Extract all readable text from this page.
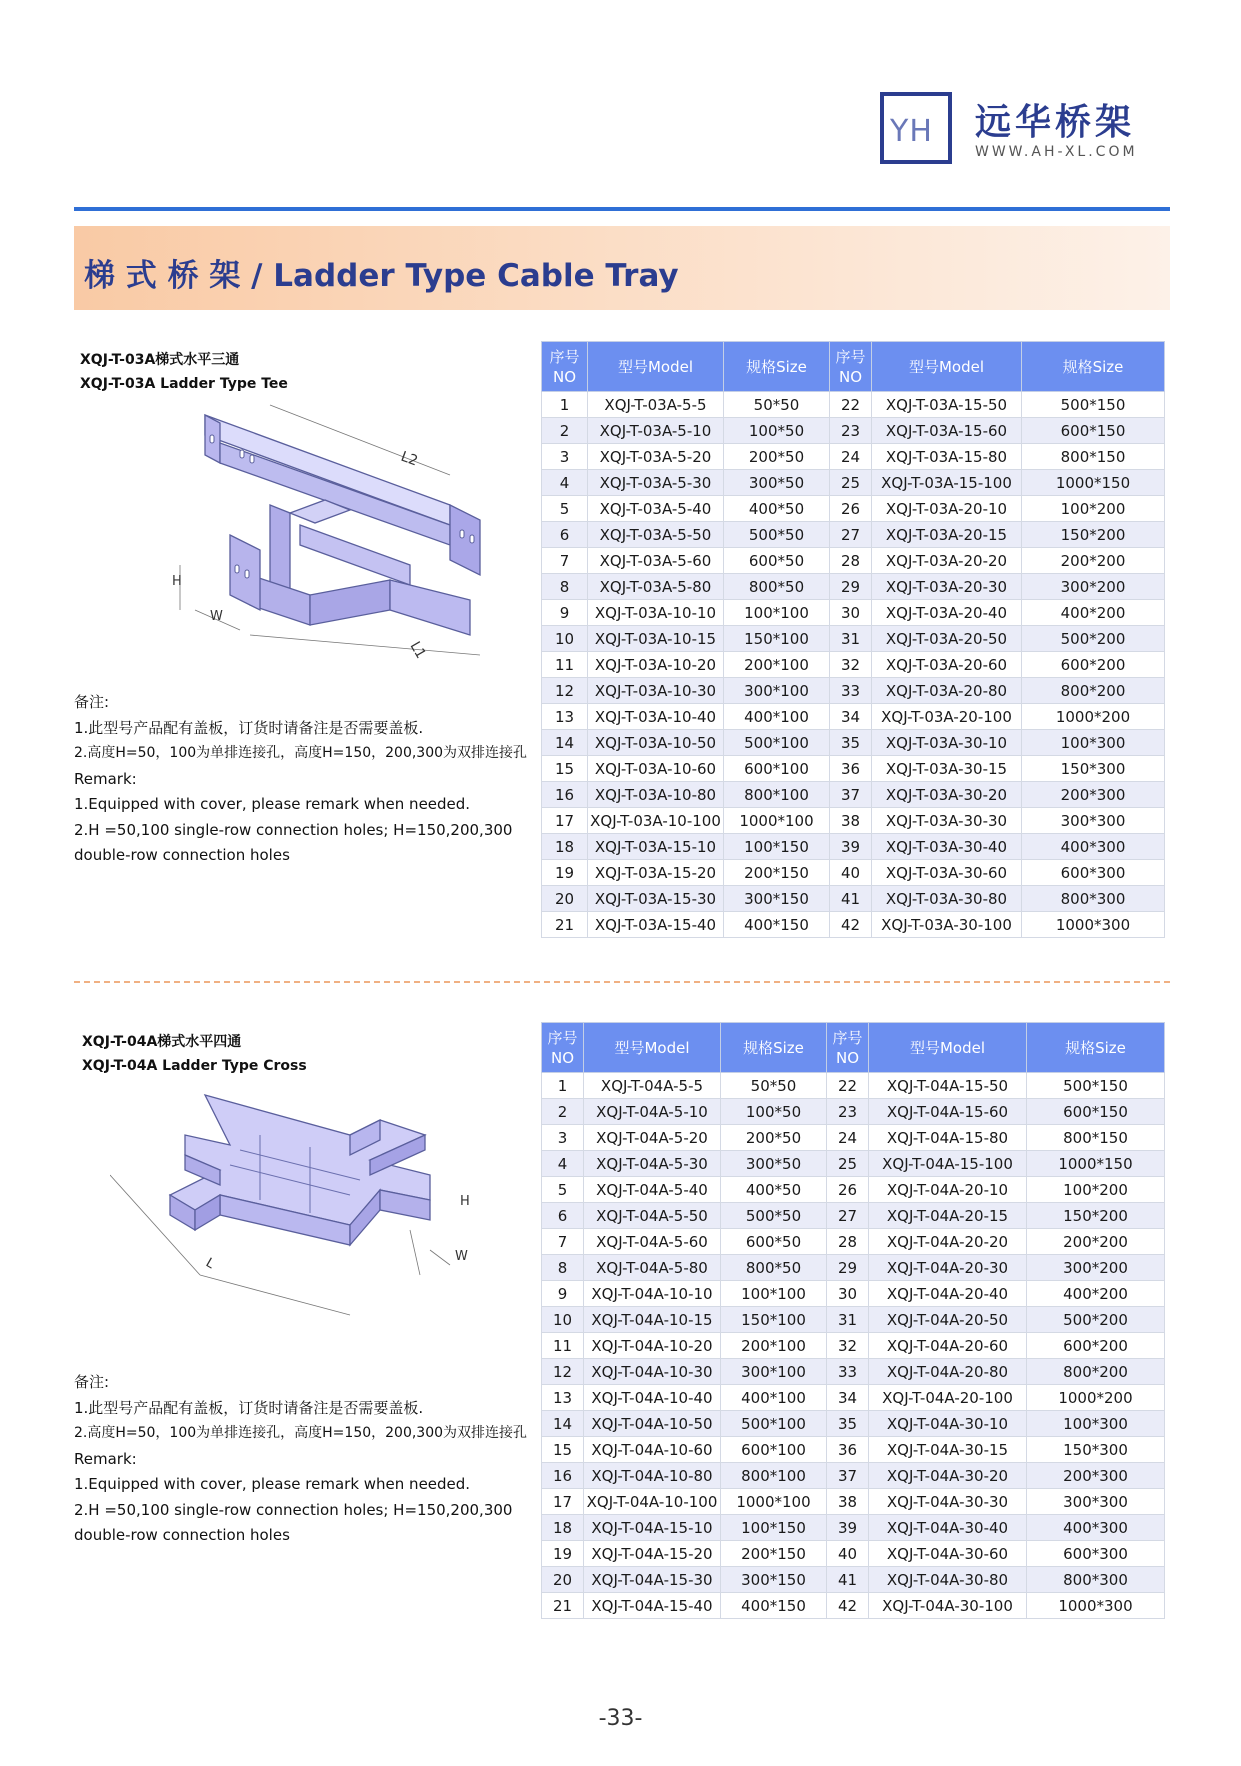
YH 远华桥架
WWW.AH-XL.COM
梯 式 桥 架 / Ladder Type Cable Tray
XQJ-T-03A梯式水平三通
XQJ-T-03A Ladder Type Tee
L2
L1
H
W
备注:
1.此型号产品配有盖板，订货时请备注是否需要盖板.
2.高度H=50，100为单排连接孔，高度H=150，200,300为双排连接孔
Remark:
1.Equipped with cover, please remark when needed.
2.H =50,100 single-row connection holes; H=150,200,300 double-row connection holes
序号
NO	型号Model	规格Size	序号
NO	型号Model	规格Size
1	XQJ-T-03A-5-5	50*50	22	XQJ-T-03A-15-50	500*150
2	XQJ-T-03A-5-10	100*50	23	XQJ-T-03A-15-60	600*150
3	XQJ-T-03A-5-20	200*50	24	XQJ-T-03A-15-80	800*150
4	XQJ-T-03A-5-30	300*50	25	XQJ-T-03A-15-100	1000*150
5	XQJ-T-03A-5-40	400*50	26	XQJ-T-03A-20-10	100*200
6	XQJ-T-03A-5-50	500*50	27	XQJ-T-03A-20-15	150*200
7	XQJ-T-03A-5-60	600*50	28	XQJ-T-03A-20-20	200*200
8	XQJ-T-03A-5-80	800*50	29	XQJ-T-03A-20-30	300*200
9	XQJ-T-03A-10-10	100*100	30	XQJ-T-03A-20-40	400*200
10	XQJ-T-03A-10-15	150*100	31	XQJ-T-03A-20-50	500*200
11	XQJ-T-03A-10-20	200*100	32	XQJ-T-03A-20-60	600*200
12	XQJ-T-03A-10-30	300*100	33	XQJ-T-03A-20-80	800*200
13	XQJ-T-03A-10-40	400*100	34	XQJ-T-03A-20-100	1000*200
14	XQJ-T-03A-10-50	500*100	35	XQJ-T-03A-30-10	100*300
15	XQJ-T-03A-10-60	600*100	36	XQJ-T-03A-30-15	150*300
16	XQJ-T-03A-10-80	800*100	37	XQJ-T-03A-30-20	200*300
17	XQJ-T-03A-10-100	1000*100	38	XQJ-T-03A-30-30	300*300
18	XQJ-T-03A-15-10	100*150	39	XQJ-T-03A-30-40	400*300
19	XQJ-T-03A-15-20	200*150	40	XQJ-T-03A-30-60	600*300
20	XQJ-T-03A-15-30	300*150	41	XQJ-T-03A-30-80	800*300
21	XQJ-T-03A-15-40	400*150	42	XQJ-T-03A-30-100	1000*300
XQJ-T-04A梯式水平四通
XQJ-T-04A Ladder Type Cross
L
H
W
备注:
1.此型号产品配有盖板，订货时请备注是否需要盖板.
2.高度H=50，100为单排连接孔，高度H=150，200,300为双排连接孔
Remark:
1.Equipped with cover, please remark when needed.
2.H =50,100 single-row connection holes; H=150,200,300 double-row connection holes
序号
NO	型号Model	规格Size	序号
NO	型号Model	规格Size
1	XQJ-T-04A-5-5	50*50	22	XQJ-T-04A-15-50	500*150
2	XQJ-T-04A-5-10	100*50	23	XQJ-T-04A-15-60	600*150
3	XQJ-T-04A-5-20	200*50	24	XQJ-T-04A-15-80	800*150
4	XQJ-T-04A-5-30	300*50	25	XQJ-T-04A-15-100	1000*150
5	XQJ-T-04A-5-40	400*50	26	XQJ-T-04A-20-10	100*200
6	XQJ-T-04A-5-50	500*50	27	XQJ-T-04A-20-15	150*200
7	XQJ-T-04A-5-60	600*50	28	XQJ-T-04A-20-20	200*200
8	XQJ-T-04A-5-80	800*50	29	XQJ-T-04A-20-30	300*200
9	XQJ-T-04A-10-10	100*100	30	XQJ-T-04A-20-40	400*200
10	XQJ-T-04A-10-15	150*100	31	XQJ-T-04A-20-50	500*200
11	XQJ-T-04A-10-20	200*100	32	XQJ-T-04A-20-60	600*200
12	XQJ-T-04A-10-30	300*100	33	XQJ-T-04A-20-80	800*200
13	XQJ-T-04A-10-40	400*100	34	XQJ-T-04A-20-100	1000*200
14	XQJ-T-04A-10-50	500*100	35	XQJ-T-04A-30-10	100*300
15	XQJ-T-04A-10-60	600*100	36	XQJ-T-04A-30-15	150*300
16	XQJ-T-04A-10-80	800*100	37	XQJ-T-04A-30-20	200*300
17	XQJ-T-04A-10-100	1000*100	38	XQJ-T-04A-30-30	300*300
18	XQJ-T-04A-15-10	100*150	39	XQJ-T-04A-30-40	400*300
19	XQJ-T-04A-15-20	200*150	40	XQJ-T-04A-30-60	600*300
20	XQJ-T-04A-15-30	300*150	41	XQJ-T-04A-30-80	800*300
21	XQJ-T-04A-15-40	400*150	42	XQJ-T-04A-30-100	1000*300
-33-
